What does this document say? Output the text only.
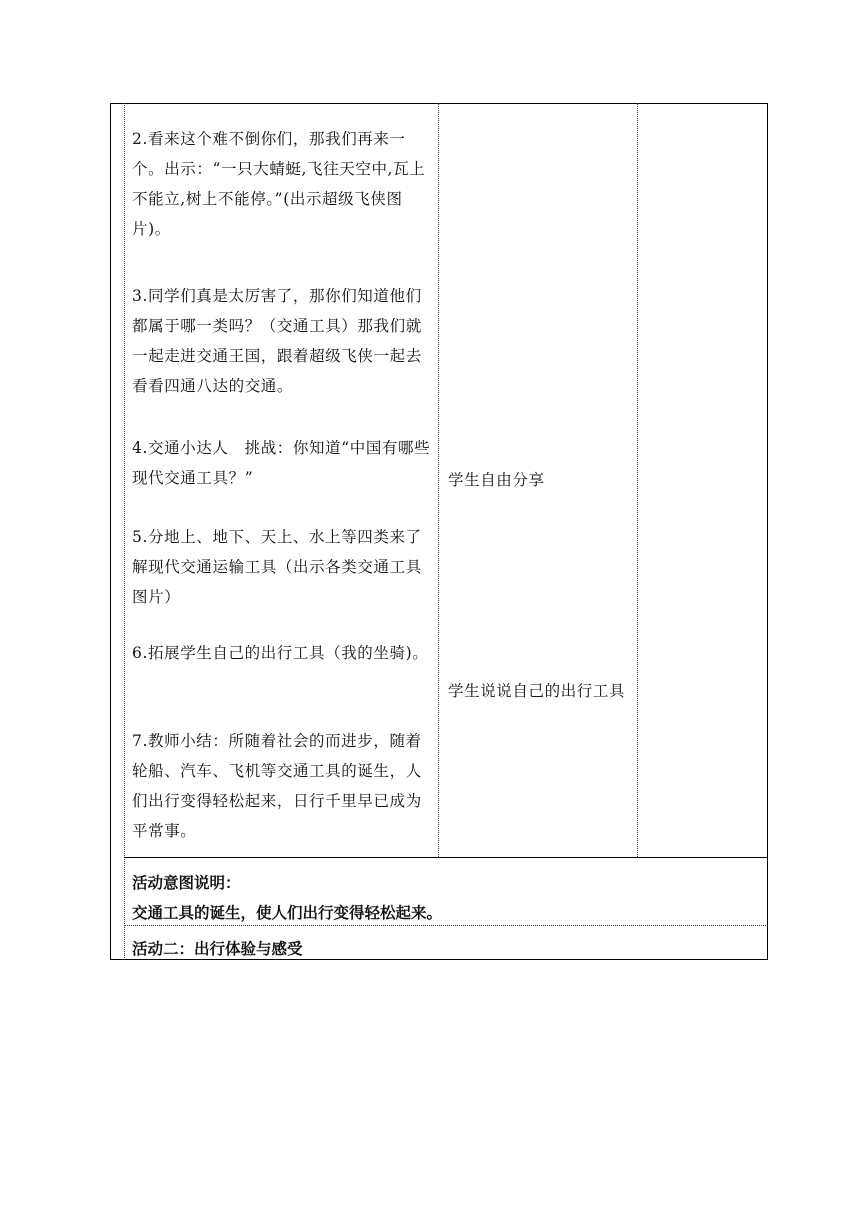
2.看来这个难不倒你们，那我们再来一个。出示：“一只大蜻蜓,飞往天空中,瓦上不能立,树上不能停。”(出示超级飞侠图片)。

3.同学们真是太厉害了，那你们知道他们都属于哪一类吗？（交通工具）那我们就一起走进交通王国，跟着超级飞侠一起去看看四通八达的交通。

4.交通小达人　挑战：你知道“中国有哪些现代交通工具？”

5.分地上、地下、天上、水上等四类来了解现代交通运输工具（出示各类交通工具图片）

6.拓展学生自己的出行工具（我的坐骑)。

7.教师小结：所随着社会的而进步，随着轮船、汽车、飞机等交通工具的诞生，人们出行变得轻松起来，日行千里早已成为平常事。

学生自由分享

学生说说自己的出行工具

活动意图说明：

交通工具的诞生，使人们出行变得轻松起来。

活动二：出行体验与感受
